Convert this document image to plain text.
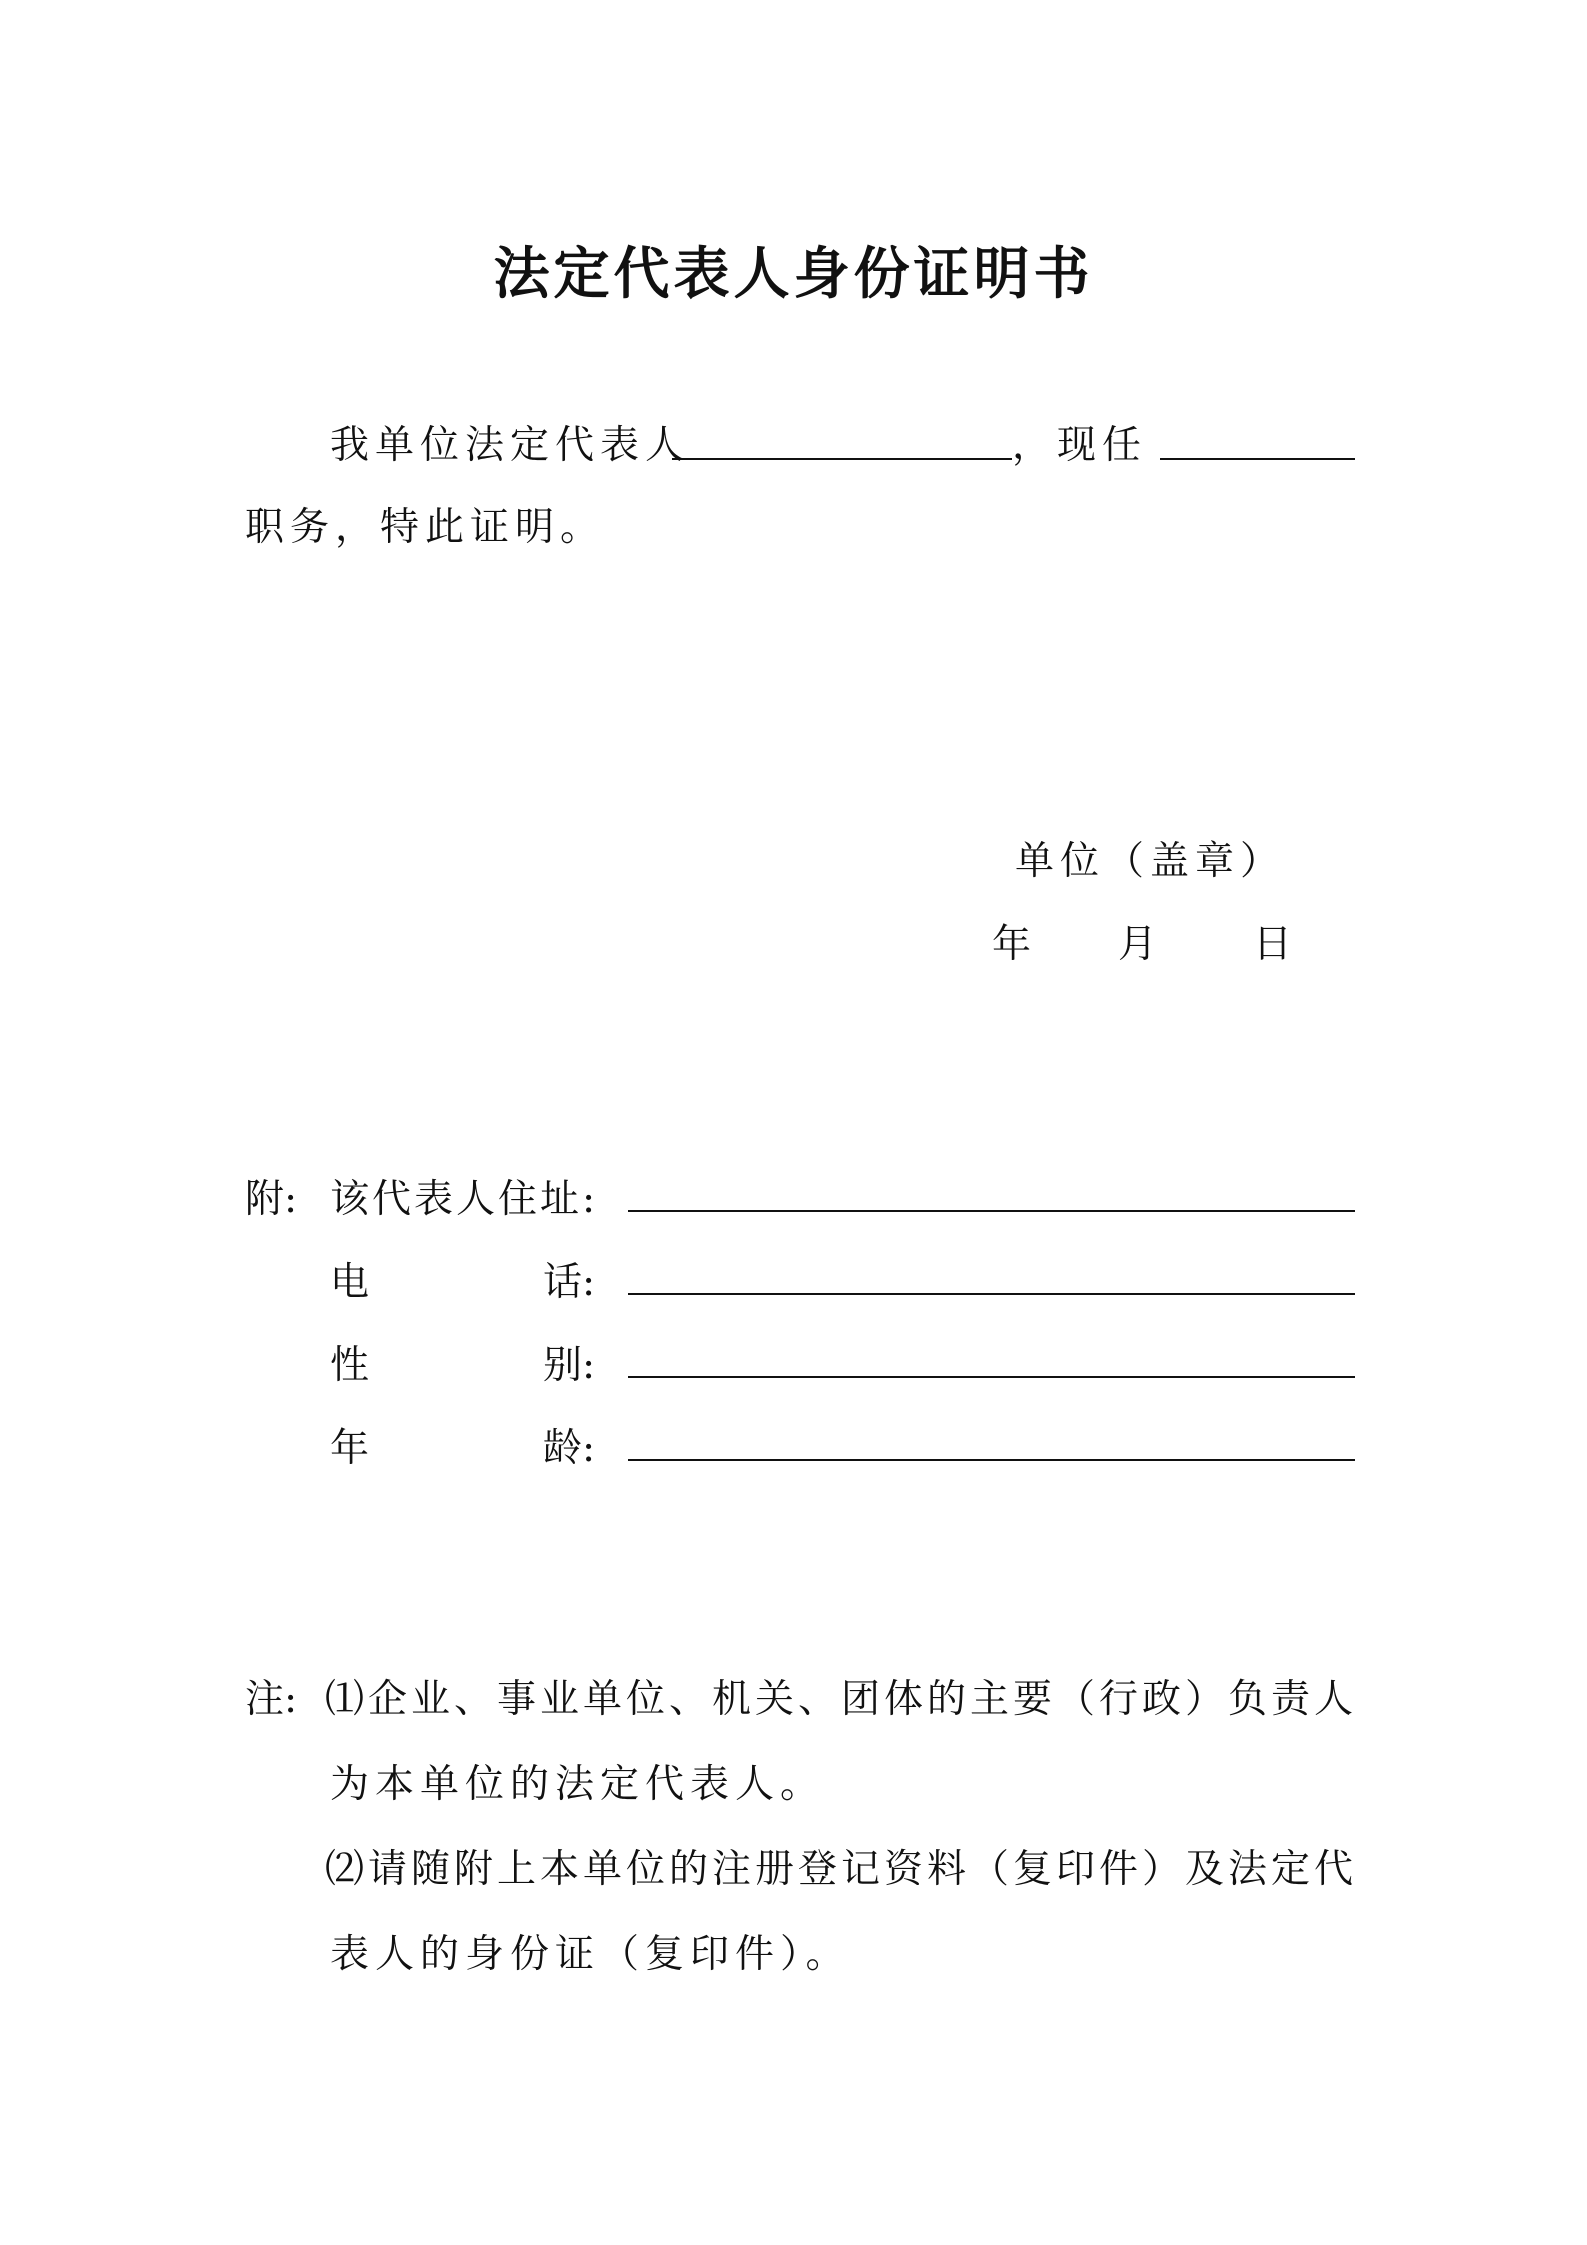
法定代表人身份证明书
我单位法定代表人	，现任
职务，特此证明。
单位（盖章）
年 月 日
附: 该代表人住址:
电	话:
性	别:
年	龄:
注: ⑴企业、事业单位、机关、团体的主要（行政）负责人
为本单位的法定代表人。
⑵请随附上本单位的注册登记资料（复印件）及法定代
表人的身份证（复印件）。
